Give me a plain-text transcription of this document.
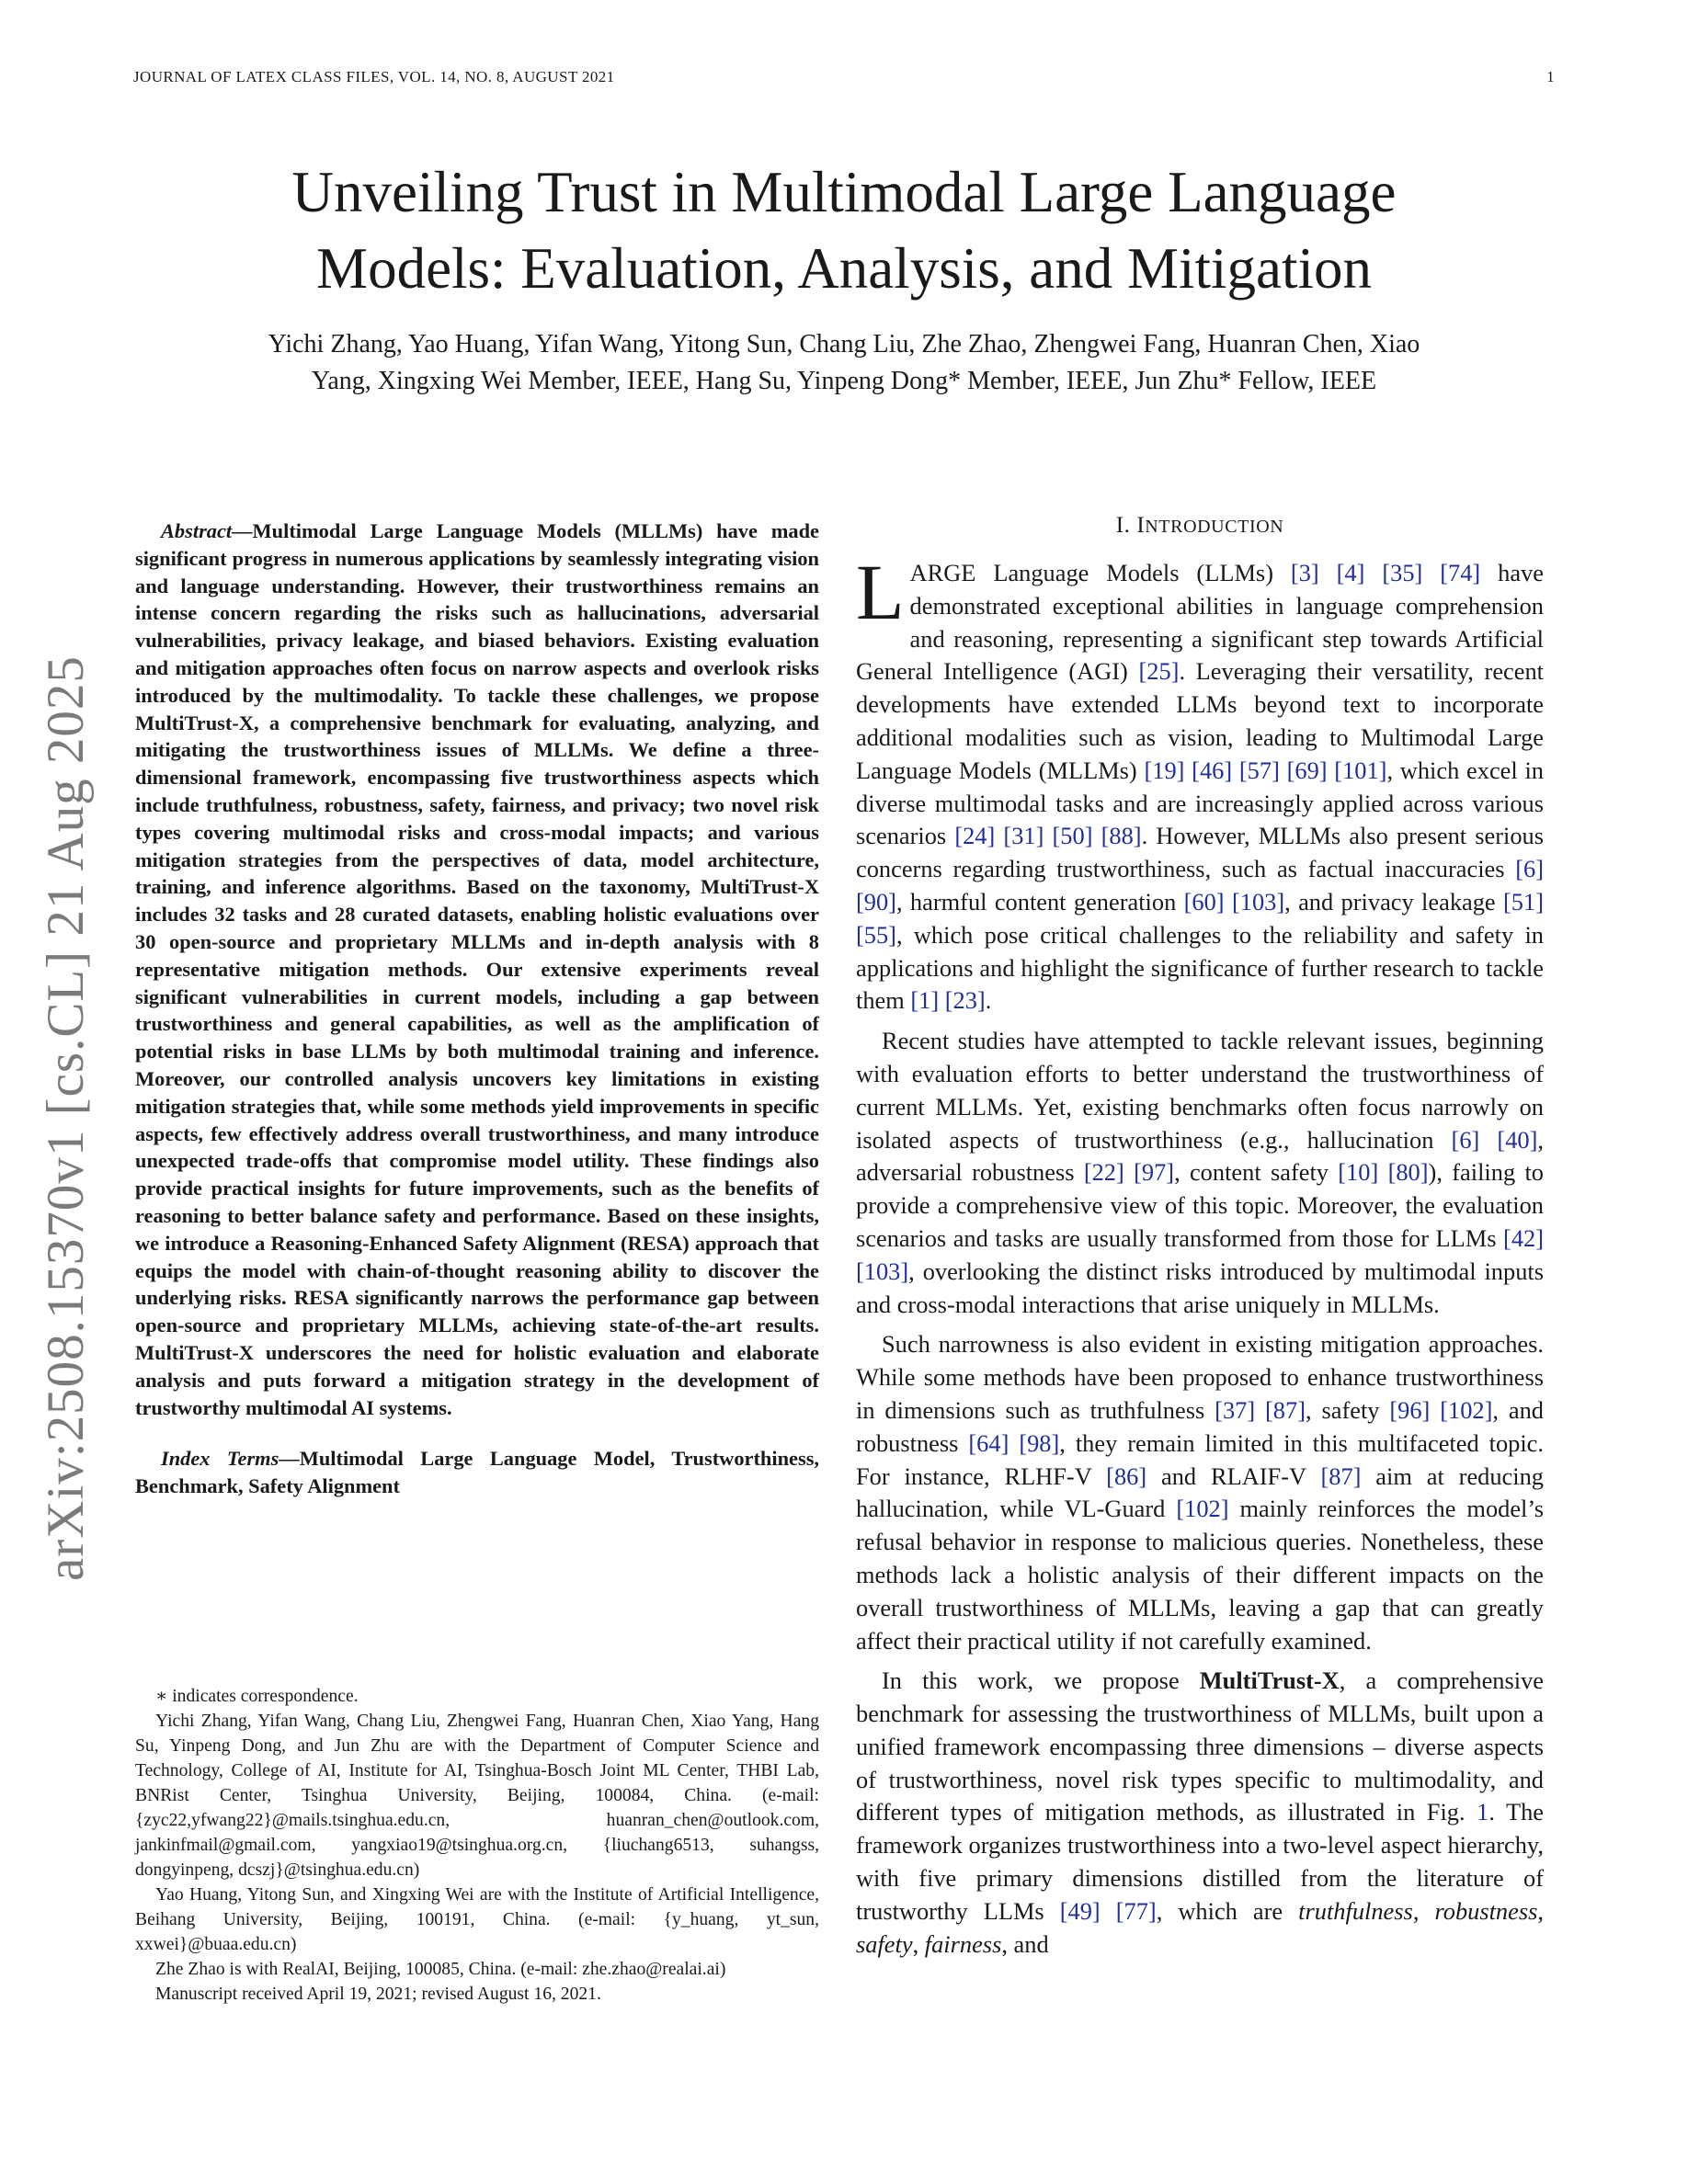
JOURNAL OF LATEX CLASS FILES, VOL. 14, NO. 8, AUGUST 2021	1
Unveiling Trust in Multimodal Large Language
Models: Evaluation, Analysis, and Mitigation
Yichi Zhang, Yao Huang, Yifan Wang, Yitong Sun, Chang Liu, Zhe Zhao, Zhengwei Fang, Huanran Chen, Xiao
Yang, Xingxing Wei Member, IEEE, Hang Su, Yinpeng Dong* Member, IEEE, Jun Zhu* Fellow, IEEE
arXiv:2508.15370v1 [cs.CL] 21 Aug 2025

Abstract—Multimodal Large Language Models (MLLMs) have made significant progress in numerous applications by seamlessly integrating vision and language understanding. However, their trustworthiness remains an intense concern regarding the risks such as hallucinations, adversarial vulnerabilities, privacy leakage, and biased behaviors. Existing evaluation and mitigation approaches often focus on narrow aspects and overlook risks introduced by the multimodality. To tackle these challenges, we propose MultiTrust-X, a comprehensive benchmark for evaluating, analyzing, and mitigating the trustworthiness issues of MLLMs. We define a three-dimensional framework, encompassing five trustworthiness aspects which include truthfulness, robustness, safety, fairness, and privacy; two novel risk types covering multimodal risks and cross-modal impacts; and various mitigation strategies from the perspectives of data, model architecture, training, and inference algorithms. Based on the taxonomy, MultiTrust-X includes 32 tasks and 28 curated datasets, enabling holistic evaluations over 30 open-source and proprietary MLLMs and in-depth analysis with 8 representative mitigation methods. Our extensive experiments reveal significant vulnerabilities in current models, including a gap between trustworthiness and general capabilities, as well as the amplification of potential risks in base LLMs by both multimodal training and inference. Moreover, our controlled analysis uncovers key limitations in existing mitigation strategies that, while some methods yield improvements in specific aspects, few effectively address overall trustworthiness, and many introduce unexpected trade-offs that compromise model utility. These findings also provide practical insights for future improvements, such as the benefits of reasoning to better balance safety and performance. Based on these insights, we introduce a Reasoning-Enhanced Safety Alignment (RESA) approach that equips the model with chain-of-thought reasoning ability to discover the underlying risks. RESA significantly narrows the performance gap between open-source and proprietary MLLMs, achieving state-of-the-art results. MultiTrust-X underscores the need for holistic evaluation and elaborate analysis and puts forward a mitigation strategy in the development of trustworthy multimodal AI systems.

Index Terms—Multimodal Large Language Model, Trustworthiness, Benchmark, Safety Alignment

∗ indicates correspondence.

Yichi Zhang, Yifan Wang, Chang Liu, Zhengwei Fang, Huanran Chen, Xiao Yang, Hang Su, Yinpeng Dong, and Jun Zhu are with the Department of Computer Science and Technology, College of AI, Institute for AI, Tsinghua-Bosch Joint ML Center, THBI Lab, BNRist Center, Tsinghua University, Beijing, 100084, China. (e-mail: {zyc22,yfwang22}@mails.tsinghua.edu.cn, huanran_chen@outlook.com, jankinfmail@gmail.com, yangxiao19@tsinghua.org.cn, {liuchang6513, suhangss, dongyinpeng, dcszj}@tsinghua.edu.cn)

Yao Huang, Yitong Sun, and Xingxing Wei are with the Institute of Artificial Intelligence, Beihang University, Beijing, 100191, China. (e-mail: {y_huang, yt_sun, xxwei}@buaa.edu.cn)

Zhe Zhao is with RealAI, Beijing, 100085, China. (e-mail: zhe.zhao@realai.ai)

Manuscript received April 19, 2021; revised August 16, 2021.

I. INTRODUCTION

LARGE Language Models (LLMs) [3] [4] [35] [74] have demonstrated exceptional abilities in language comprehension and reasoning, representing a significant step towards Artificial General Intelligence (AGI) [25]. Leveraging their versatility, recent developments have extended LLMs beyond text to incorporate additional modalities such as vision, leading to Multimodal Large Language Models (MLLMs) [19] [46] [57] [69] [101], which excel in diverse multimodal tasks and are increasingly applied across various scenarios [24] [31] [50] [88]. However, MLLMs also present serious concerns regarding trustworthiness, such as factual inaccuracies [6] [90], harmful content generation [60] [103], and privacy leakage [51] [55], which pose critical challenges to the reliability and safety in applications and highlight the significance of further research to tackle them [1] [23].

Recent studies have attempted to tackle relevant issues, beginning with evaluation efforts to better understand the trustworthiness of current MLLMs. Yet, existing benchmarks often focus narrowly on isolated aspects of trustworthiness (e.g., hallucination [6] [40], adversarial robustness [22] [97], content safety [10] [80]), failing to provide a comprehensive view of this topic. Moreover, the evaluation scenarios and tasks are usually transformed from those for LLMs [42] [103], overlooking the distinct risks introduced by multimodal inputs and cross-modal interactions that arise uniquely in MLLMs.

Such narrowness is also evident in existing mitigation approaches. While some methods have been proposed to enhance trustworthiness in dimensions such as truthfulness [37] [87], safety [96] [102], and robustness [64] [98], they remain limited in this multifaceted topic. For instance, RLHF-V [86] and RLAIF-V [87] aim at reducing hallucination, while VL-Guard [102] mainly reinforces the model’s refusal behavior in response to malicious queries. Nonetheless, these methods lack a holistic analysis of their different impacts on the overall trustworthiness of MLLMs, leaving a gap that can greatly affect their practical utility if not carefully examined.

In this work, we propose MultiTrust-X, a comprehensive benchmark for assessing the trustworthiness of MLLMs, built upon a unified framework encompassing three dimensions – diverse aspects of trustworthiness, novel risk types specific to multimodality, and different types of mitigation methods, as illustrated in Fig. 1. The framework organizes trustworthiness into a two-level aspect hierarchy, with five primary dimensions distilled from the literature of trustworthy LLMs [49] [77], which are truthfulness, robustness, safety, fairness, and
